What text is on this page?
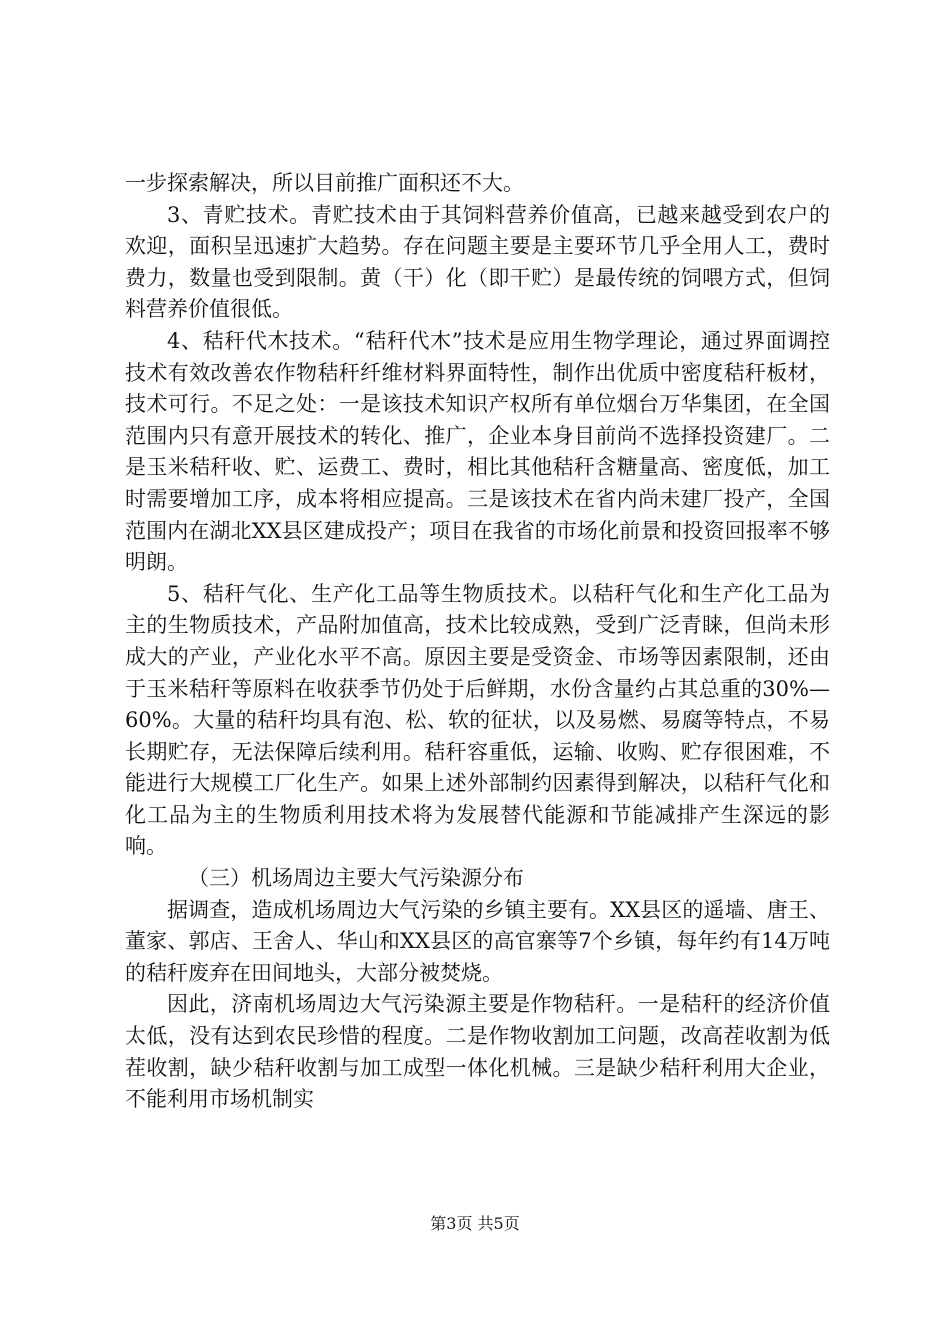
一步探索解决，所以目前推广面积还不大。

3、青贮技术。青贮技术由于其饲料营养价值高，已越来越受到农户的欢迎，面积呈迅速扩大趋势。存在问题主要是主要环节几乎全用人工，费时费力，数量也受到限制。黄（干）化（即干贮）是最传统的饲喂方式，但饲料营养价值很低。

4、秸秆代木技术。“秸秆代木”技术是应用生物学理论，通过界面调控技术有效改善农作物秸秆纤维材料界面特性，制作出优质中密度秸秆板材，技术可行。不足之处：一是该技术知识产权所有单位烟台万华集团，在全国范围内只有意开展技术的转化、推广，企业本身目前尚不选择投资建厂。二是玉米秸秆收、贮、运费工、费时，相比其他秸秆含糖量高、密度低，加工时需要增加工序，成本将相应提高。三是该技术在省内尚未建厂投产，全国范围内在湖北XX县区建成投产；项目在我省的市场化前景和投资回报率不够明朗。

5、秸秆气化、生产化工品等生物质技术。以秸秆气化和生产化工品为主的生物质技术，产品附加值高，技术比较成熟，受到广泛青睐，但尚未形成大的产业，产业化水平不高。原因主要是受资金、市场等因素限制，还由于玉米秸秆等原料在收获季节仍处于后鲜期，水份含量约占其总重的30%—60%。大量的秸秆均具有泡、松、软的征状，以及易燃、易腐等特点，不易长期贮存，无法保障后续利用。秸秆容重低，运输、收购、贮存很困难，不能进行大规模工厂化生产。如果上述外部制约因素得到解决，以秸秆气化和化工品为主的生物质利用技术将为发展替代能源和节能减排产生深远的影响。

（三）机场周边主要大气污染源分布

据调查，造成机场周边大气污染的乡镇主要有。XX县区的遥墙、唐王、董家、郭店、王舍人、华山和XX县区的高官寨等7个乡镇，每年约有14万吨的秸秆废弃在田间地头，大部分被焚烧。

因此，济南机场周边大气污染源主要是作物秸秆。一是秸秆的经济价值太低，没有达到农民珍惜的程度。二是作物收割加工问题，改高茬收割为低茬收割，缺少秸秆收割与加工成型一体化机械。三是缺少秸秆利用大企业，不能利用市场机制实

第3页 共5页
